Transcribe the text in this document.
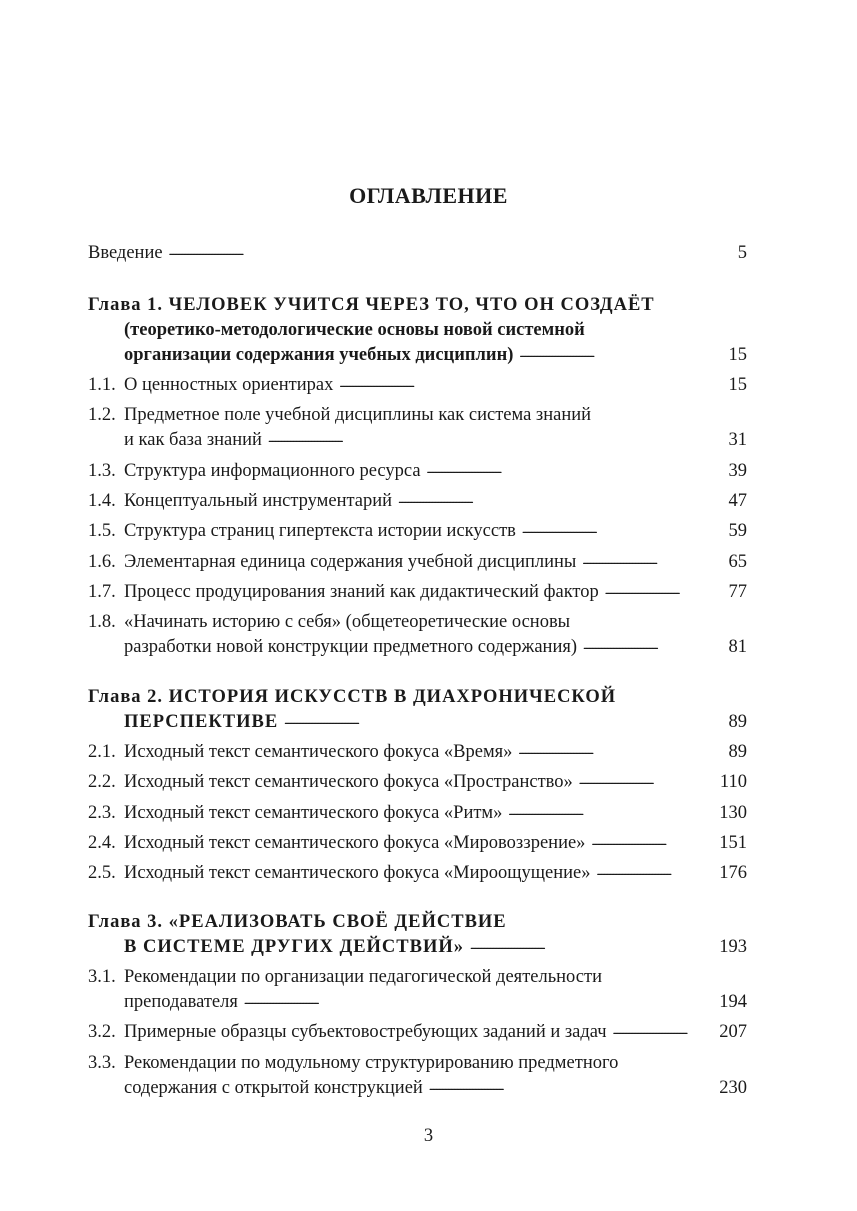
ОГЛАВЛЕНИЕ
Введение . . .	5
Глава 1. ЧЕЛОВЕК УЧИТСЯ ЧЕРЕЗ ТО, ЧТО ОН СОЗДАЁТ
(теоретико-методологические основы новой системной
организации содержания учебных дисциплин) . . .	15
1.1. О ценностных ориентирах . . .	15
1.2. Предметное поле учебной дисциплины как система знаний
и как база знаний . . .	31
1.3. Структура информационного ресурса . . .	39
1.4. Концептуальный инструментарий . . .	47
1.5. Структура страниц гипертекста истории искусств . . .	59
1.6. Элементарная единица содержания учебной дисциплины . . .	65
1.7. Процесс продуцирования знаний как дидактический фактор . . .	77
1.8. «Начинать историю с себя» (общетеоретические основы
разработки новой конструкции предметного содержания) . . .	81
Глава 2. ИСТОРИЯ ИСКУССТВ В ДИАХРОНИЧЕСКОЙ
ПЕРСПЕКТИВЕ . . .	89
2.1. Исходный текст семантического фокуса «Время» . . .	89
2.2. Исходный текст семантического фокуса «Пространство» . . .	110
2.3. Исходный текст семантического фокуса «Ритм» . . .	130
2.4. Исходный текст семантического фокуса «Мировоззрение» . . .	151
2.5. Исходный текст семантического фокуса «Мироощущение» . . .	176
Глава 3. «РЕАЛИЗОВАТЬ СВОЁ ДЕЙСТВИЕ
В СИСТЕМЕ ДРУГИХ ДЕЙСТВИЙ» . . .	193
3.1. Рекомендации по организации педагогической деятельности
преподавателя . . .	194
3.2. Примерные образцы субъектовостребующих заданий и задач . . .	207
3.3. Рекомендации по модульному структурированию предметного
содержания с открытой конструкцией . . .	230
3
